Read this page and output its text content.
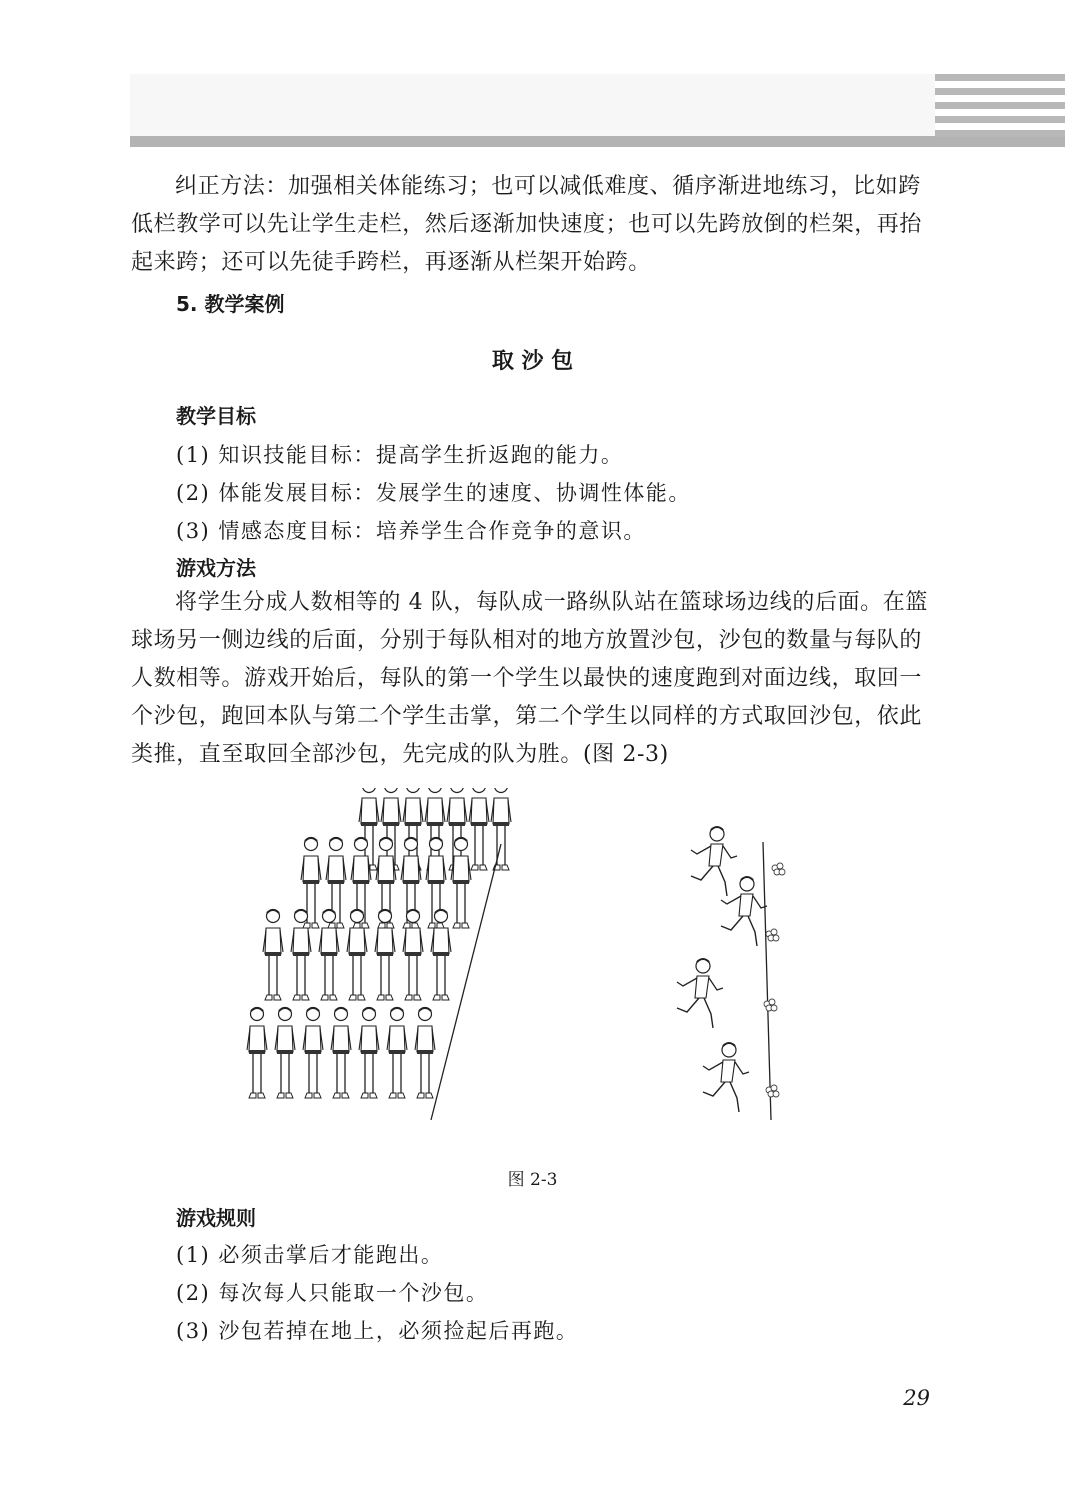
纠正方法：加强相关体能练习；也可以减低难度、循序渐进地练习，比如跨低栏教学可以先让学生走栏，然后逐渐加快速度；也可以先跨放倒的栏架，再抬起来跨；还可以先徒手跨栏，再逐渐从栏架开始跨。

5. 教学案例

取 沙 包

教学目标

(1) 知识技能目标：提高学生折返跑的能力。

(2) 体能发展目标：发展学生的速度、协调性体能。

(3) 情感态度目标：培养学生合作竞争的意识。

游戏方法

将学生分成人数相等的 4 队，每队成一路纵队站在篮球场边线的后面。在篮球场另一侧边线的后面，分别于每队相对的地方放置沙包，沙包的数量与每队的人数相等。游戏开始后，每队的第一个学生以最快的速度跑到对面边线，取回一个沙包，跑回本队与第二个学生击掌，第二个学生以同样的方式取回沙包，依此类推，直至取回全部沙包，先完成的队为胜。(图 2-3)

图 2-3

游戏规则

(1) 必须击掌后才能跑出。

(2) 每次每人只能取一个沙包。

(3) 沙包若掉在地上，必须捡起后再跑。

29
